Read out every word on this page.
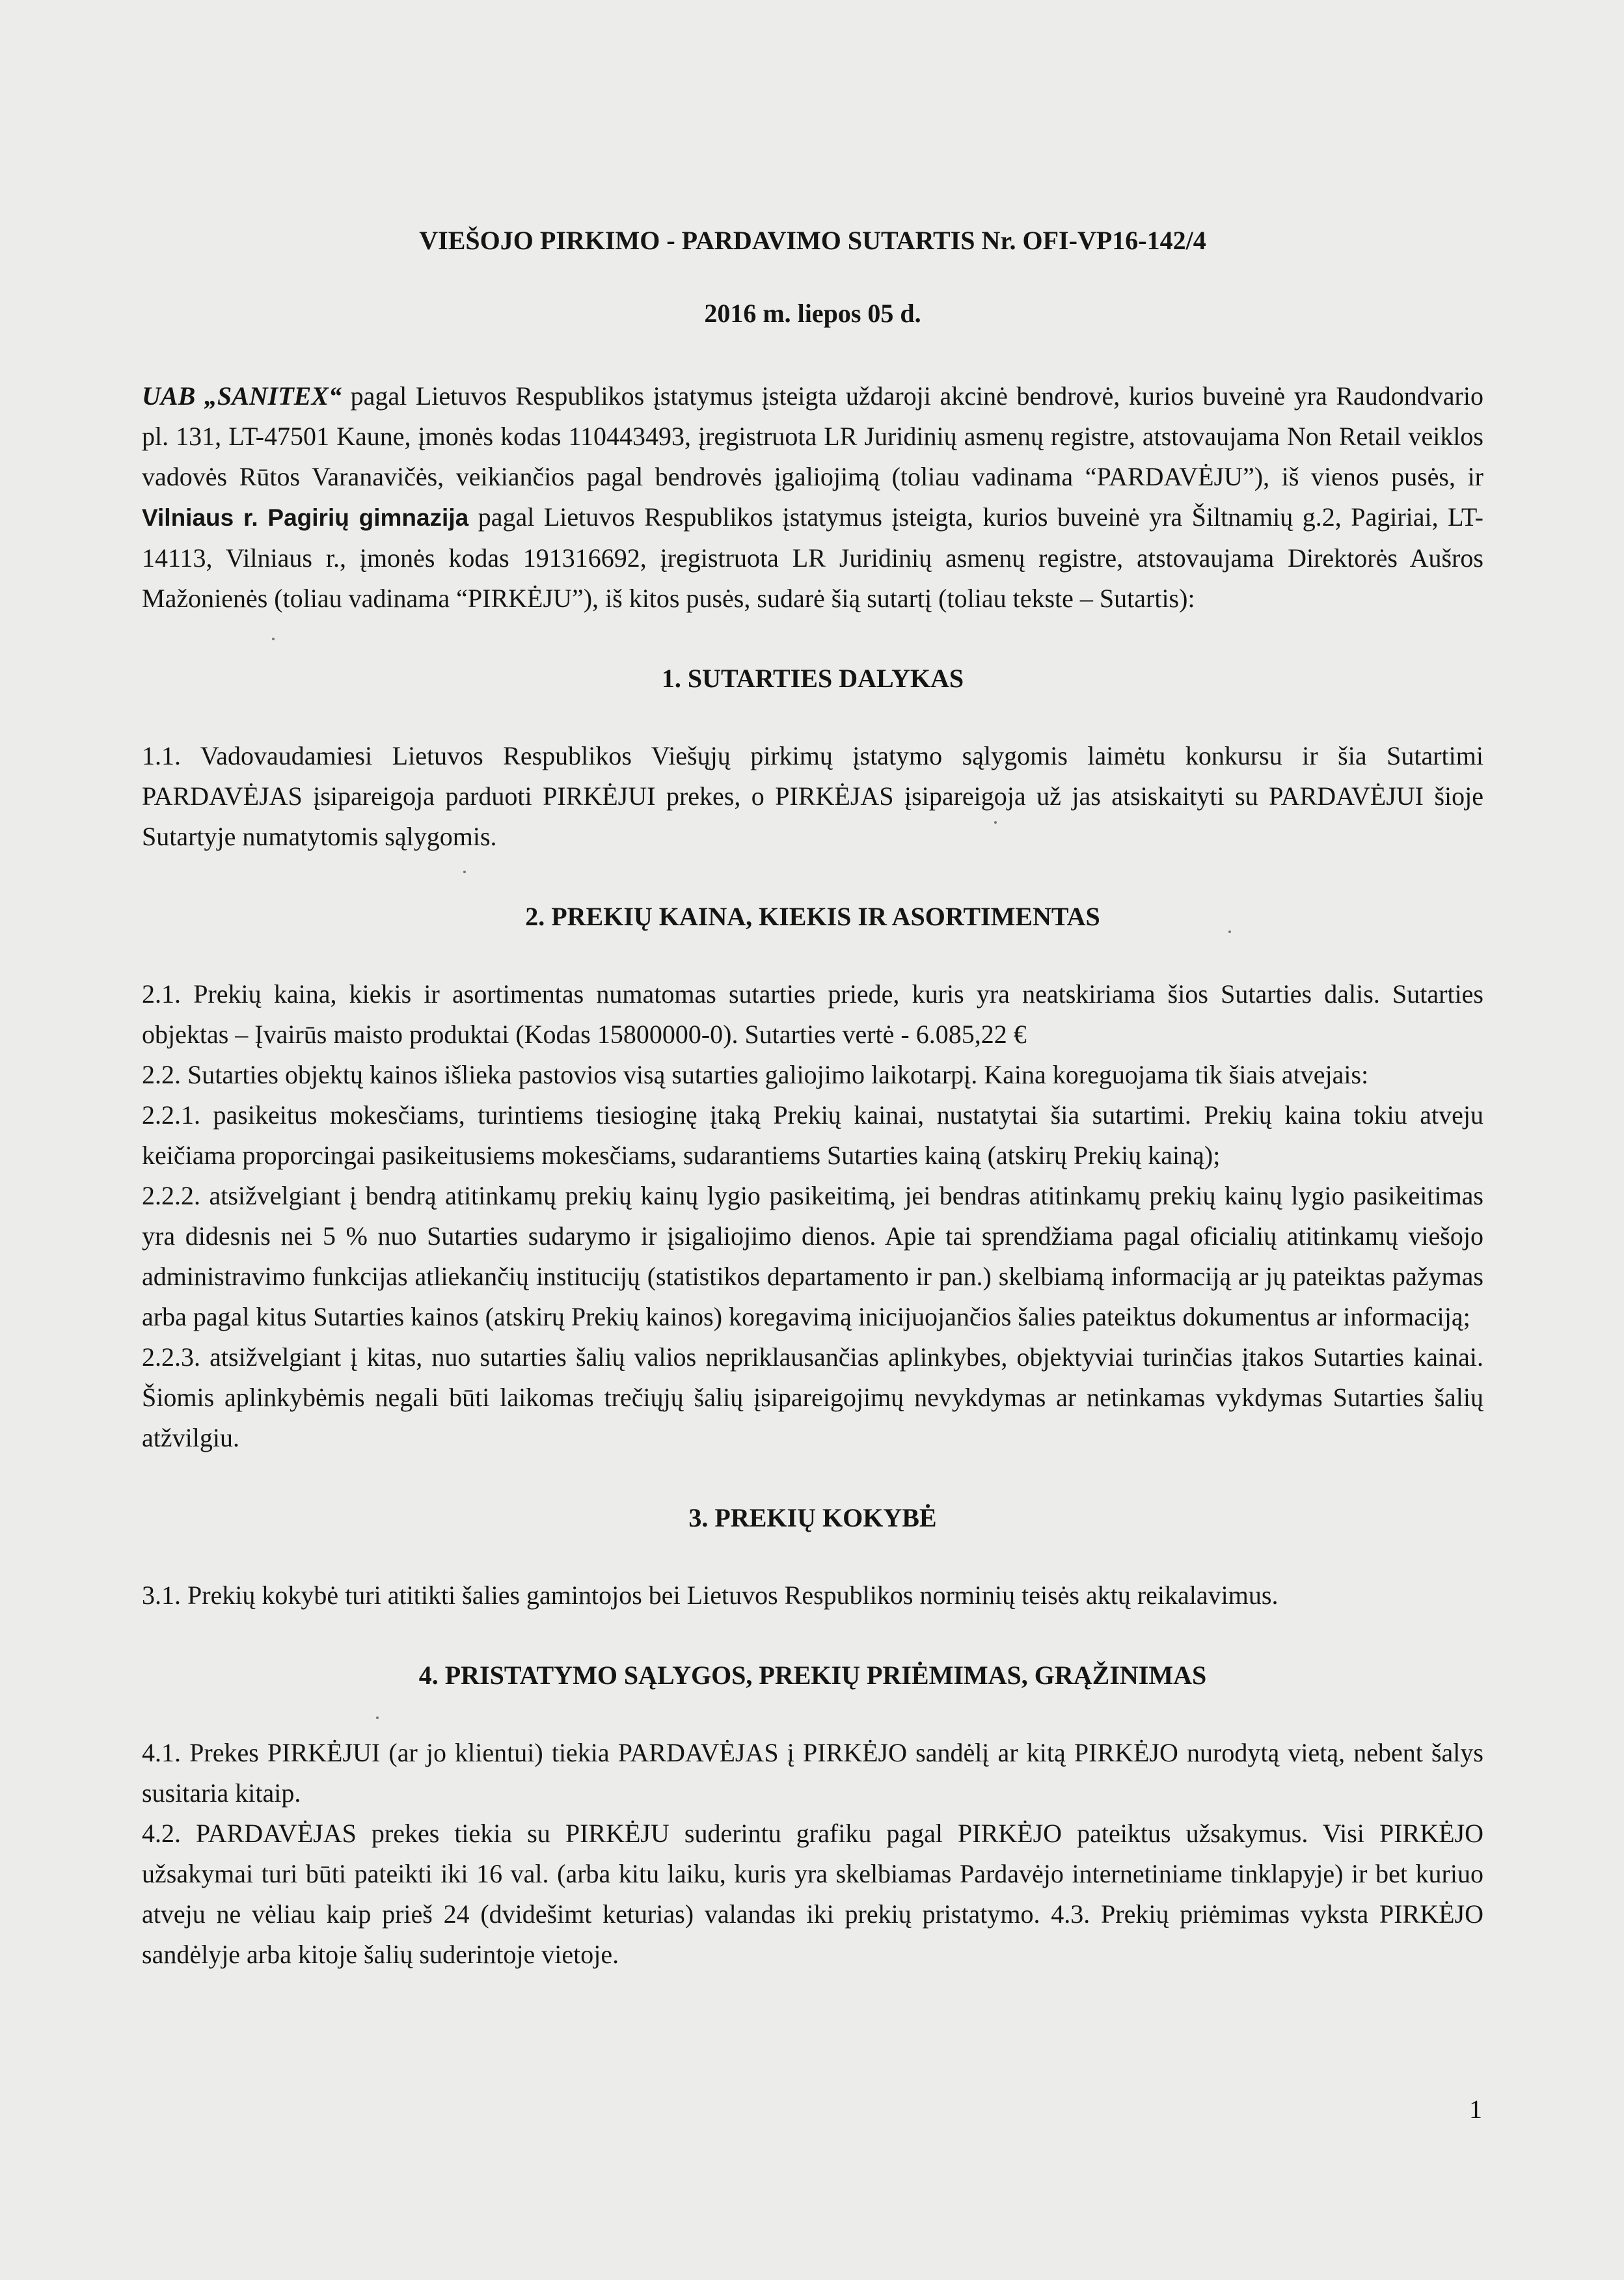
VIEŠOJO PIRKIMO - PARDAVIMO SUTARTIS Nr. OFI-VP16-142/4
2016 m. liepos 05 d.

UAB „SANITEX“ pagal Lietuvos Respublikos įstatymus įsteigta uždaroji akcinė bendrovė, kurios buveinė yra Raudondvario pl. 131, LT-47501 Kaune, įmonės kodas 110443493, įregistruota LR Juridinių asmenų registre, atstovaujama Non Retail veiklos vadovės Rūtos Varanavičės, veikiančios pagal bendrovės įgaliojimą (toliau vadinama “PARDAVĖJU”), iš vienos pusės, ir Vilniaus r. Pagirių gimnazija pagal Lietuvos Respublikos įstatymus įsteigta, kurios buveinė yra Šiltnamių g.2, Pagiriai, LT-14113, Vilniaus r., įmonės kodas 191316692, įregistruota LR Juridinių asmenų registre, atstovaujama Direktorės Aušros Mažonienės (toliau vadinama “PIRKĖJU”), iš kitos pusės, sudarė šią sutartį (toliau tekste – Sutartis):

1. SUTARTIES DALYKAS

1.1. Vadovaudamiesi Lietuvos Respublikos Viešųjų pirkimų įstatymo sąlygomis laimėtu konkursu ir šia Sutartimi PARDAVĖJAS įsipareigoja parduoti PIRKĖJUI prekes, o PIRKĖJAS įsipareigoja už jas atsiskaityti su PARDAVĖJUI šioje Sutartyje numatytomis sąlygomis.

2. PREKIŲ KAINA, KIEKIS IR ASORTIMENTAS

2.1. Prekių kaina, kiekis ir asortimentas numatomas sutarties priede, kuris yra neatskiriama šios Sutarties dalis. Sutarties objektas – Įvairūs maisto produktai (Kodas 15800000-0). Sutarties vertė - 6.085,22 €

2.2. Sutarties objektų kainos išlieka pastovios visą sutarties galiojimo laikotarpį. Kaina koreguojama tik šiais atvejais:

2.2.1. pasikeitus mokesčiams, turintiems tiesioginę įtaką Prekių kainai, nustatytai šia sutartimi. Prekių kaina tokiu atveju keičiama proporcingai pasikeitusiems mokesčiams, sudarantiems Sutarties kainą (atskirų Prekių kainą);

2.2.2. atsižvelgiant į bendrą atitinkamų prekių kainų lygio pasikeitimą, jei bendras atitinkamų prekių kainų lygio pasikeitimas yra didesnis nei 5 % nuo Sutarties sudarymo ir įsigaliojimo dienos. Apie tai sprendžiama pagal oficialių atitinkamų viešojo administravimo funkcijas atliekančių institucijų (statistikos departamento ir pan.) skelbiamą informaciją ar jų pateiktas pažymas arba pagal kitus Sutarties kainos (atskirų Prekių kainos) koregavimą inicijuojančios šalies pateiktus dokumentus ar informaciją;

2.2.3. atsižvelgiant į kitas, nuo sutarties šalių valios nepriklausančias aplinkybes, objektyviai turinčias įtakos Sutarties kainai. Šiomis aplinkybėmis negali būti laikomas trečiųjų šalių įsipareigojimų nevykdymas ar netinkamas vykdymas Sutarties šalių atžvilgiu.

3. PREKIŲ KOKYBĖ

3.1. Prekių kokybė turi atitikti šalies gamintojos bei Lietuvos Respublikos norminių teisės aktų reikalavimus.

4. PRISTATYMO SĄLYGOS, PREKIŲ PRIĖMIMAS, GRĄŽINIMAS

4.1. Prekes PIRKĖJUI (ar jo klientui) tiekia PARDAVĖJAS į PIRKĖJO sandėlį ar kitą PIRKĖJO nurodytą vietą, nebent šalys susitaria kitaip.

4.2. PARDAVĖJAS prekes tiekia su PIRKĖJU suderintu grafiku pagal PIRKĖJO pateiktus užsakymus. Visi PIRKĖJO užsakymai turi būti pateikti iki 16 val. (arba kitu laiku, kuris yra skelbiamas Pardavėjo internetiniame tinklapyje) ir bet kuriuo atveju ne vėliau kaip prieš 24 (dvidešimt keturias) valandas iki prekių pristatymo. 4.3. Prekių priėmimas vyksta PIRKĖJO sandėlyje arba kitoje šalių suderintoje vietoje.

1
